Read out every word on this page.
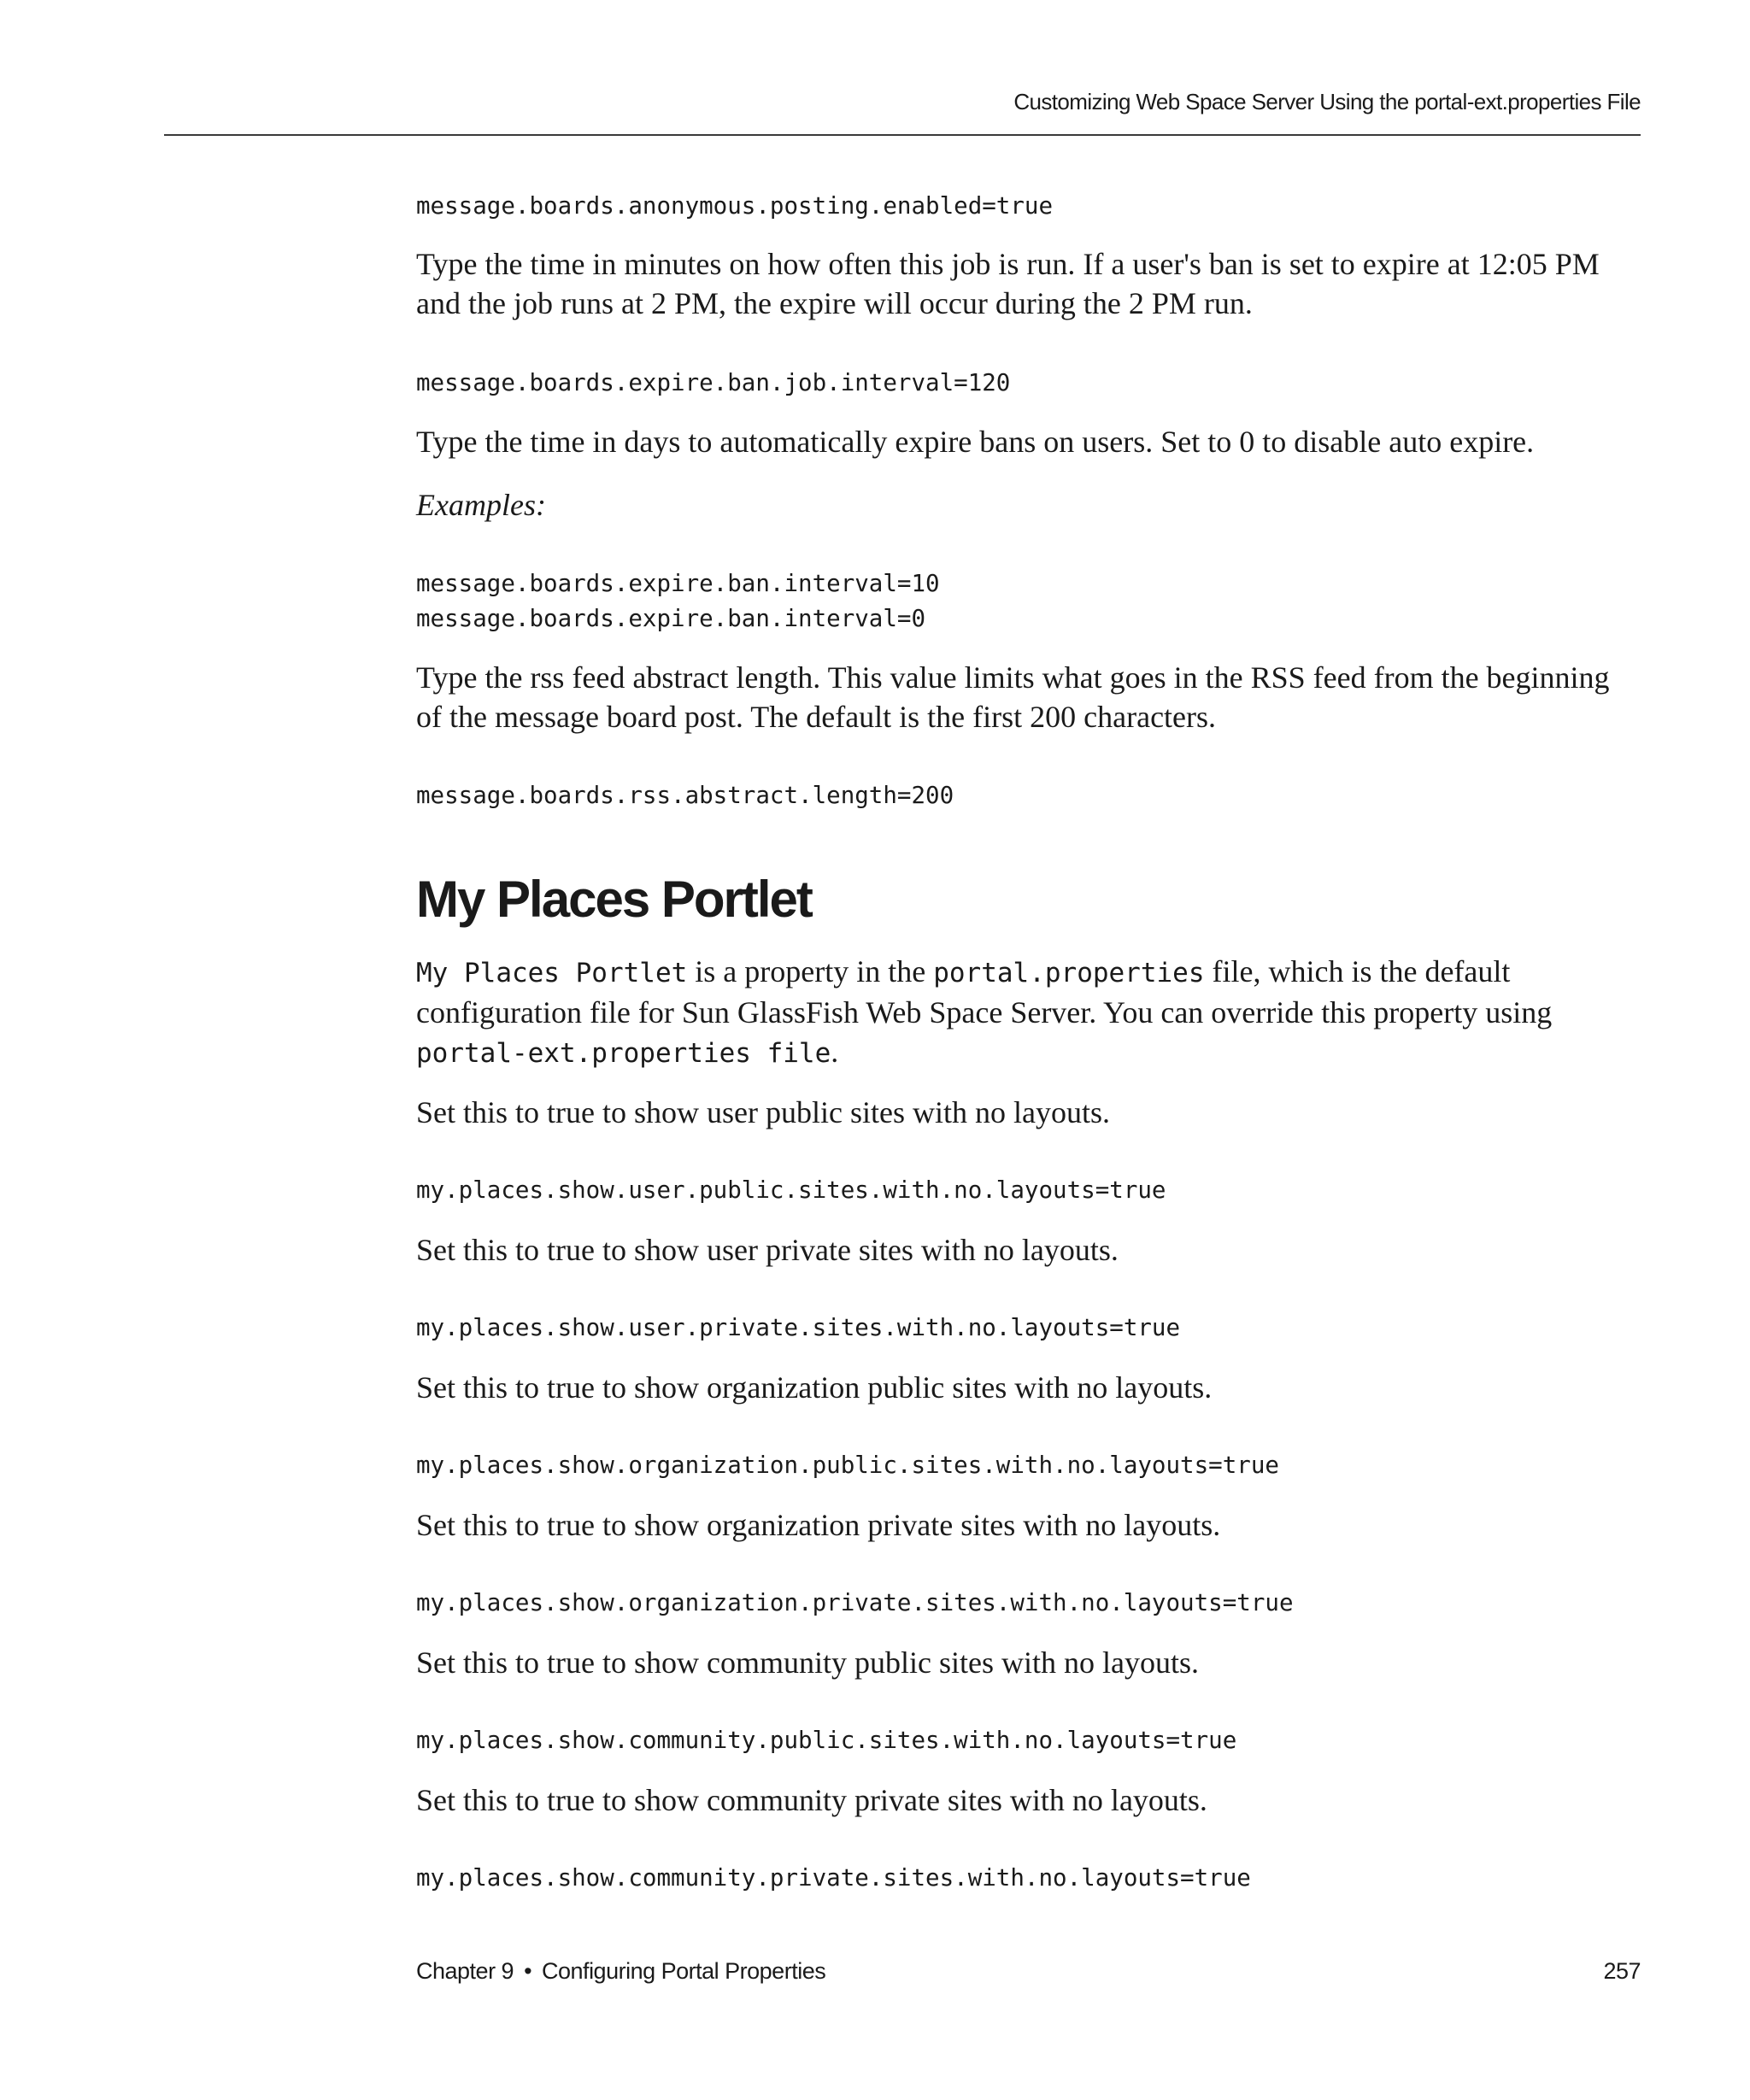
Customizing Web Space Server Using the portal-ext.properties File
message.boards.anonymous.posting.enabled=true
Type the time in minutes on how often this job is run. If a user's ban is set to expire at 12:05 PM and the job runs at 2 PM, the expire will occur during the 2 PM run.
message.boards.expire.ban.job.interval=120
Type the time in days to automatically expire bans on users. Set to 0 to disable auto expire.
Examples:
message.boards.expire.ban.interval=10
message.boards.expire.ban.interval=0
Type the rss feed abstract length. This value limits what goes in the RSS feed from the beginning of the message board post. The default is the first 200 characters.
message.boards.rss.abstract.length=200
My Places Portlet
My Places Portlet is a property in the portal.properties file, which is the default configuration file for Sun GlassFish Web Space Server. You can override this property using portal-ext.properties file.
Set this to true to show user public sites with no layouts.
my.places.show.user.public.sites.with.no.layouts=true
Set this to true to show user private sites with no layouts.
my.places.show.user.private.sites.with.no.layouts=true
Set this to true to show organization public sites with no layouts.
my.places.show.organization.public.sites.with.no.layouts=true
Set this to true to show organization private sites with no layouts.
my.places.show.organization.private.sites.with.no.layouts=true
Set this to true to show community public sites with no layouts.
my.places.show.community.public.sites.with.no.layouts=true
Set this to true to show community private sites with no layouts.
my.places.show.community.private.sites.with.no.layouts=true
Chapter 9 • Configuring Portal Properties	257
